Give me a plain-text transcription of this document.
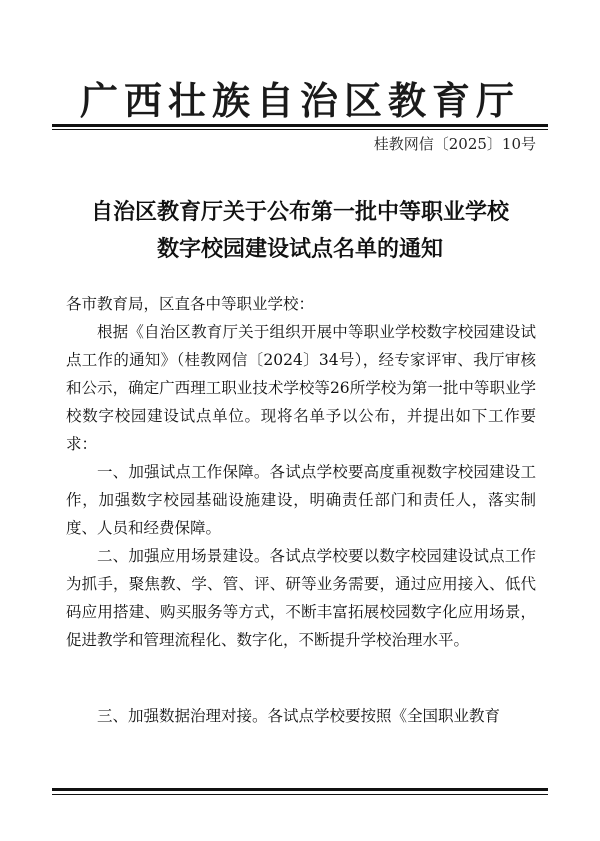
广西壮族自治区教育厅
桂教网信〔2025〕10号
自治区教育厅关于公布第一批中等职业学校
数字校园建设试点名单的通知
各市教育局，区直各中等职业学校：

根据《自治区教育厅关于组织开展中等职业学校数字校园建设试点工作的通知》（桂教网信〔2024〕34号），经专家评审、我厅审核和公示，确定广西理工职业技术学校等26所学校为第一批中等职业学校数字校园建设试点单位。现将名单予以公布，并提出如下工作要求：

一、加强试点工作保障。各试点学校要高度重视数字校园建设工作，加强数字校园基础设施建设，明确责任部门和责任人，落实制度、人员和经费保障。

二、加强应用场景建设。各试点学校要以数字校园建设试点工作为抓手，聚焦教、学、管、评、研等业务需要，通过应用接入、低代码应用搭建、购买服务等方式，不断丰富拓展校园数字化应用场景，促进教学和管理流程化、数字化，不断提升学校治理水平。

三、加强数据治理对接。各试点学校要按照《全国职业教育
